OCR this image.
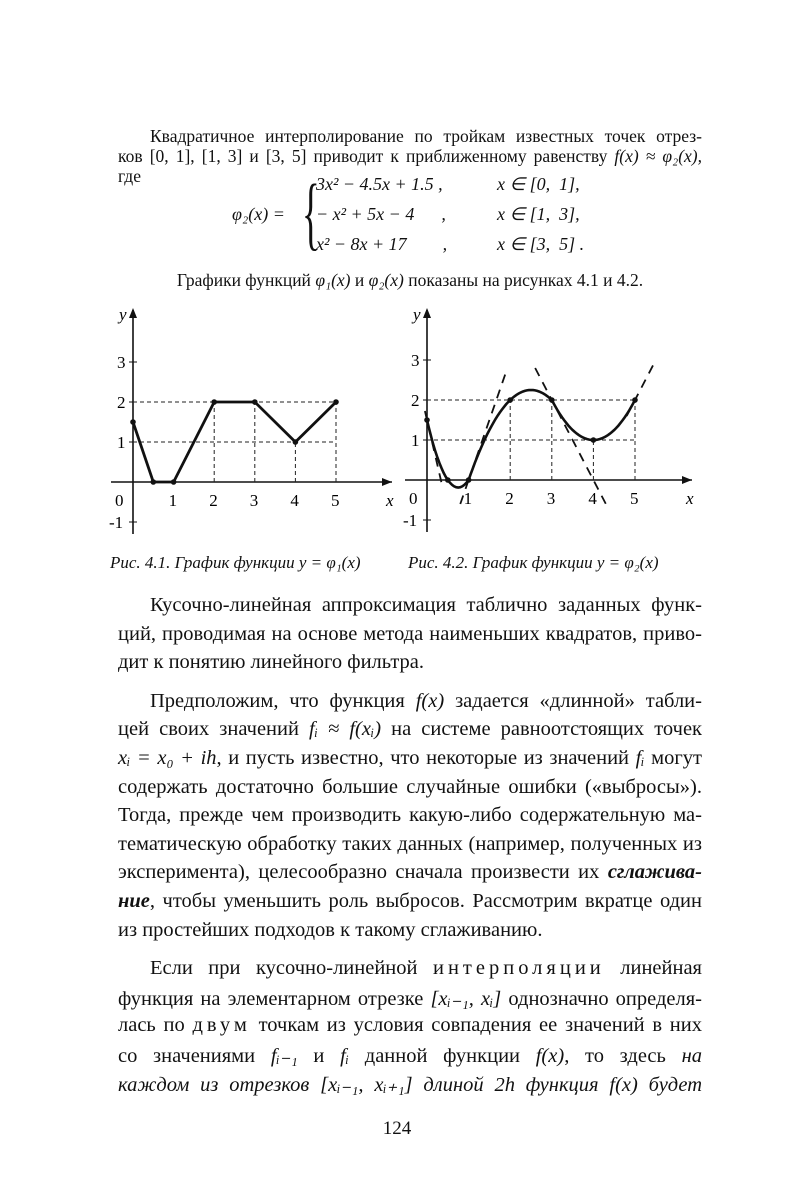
Квадратичное интерполирование по тройкам известных точек отрез-
ков [0, 1], [1, 3] и [3, 5] приводит к приближенному равенству f(x) ≈ φ₂(x),
где
φ₂(x) = {
3x² − 4.5x + 1.5 ,	x ∈ [0,  1],
− x² + 5x − 4      ,	x ∈ [1,  3],
x² − 8x + 17        ,	x ∈ [3,  5] .
Графики функций φ₁(x) и φ₂(x) показаны на рисунках 4.1 и 4.2.
y
x
0	1 2 3 4 5
-1
1
2
3
y
x
0	1 2 3 4 5
-1
1
2
3
Рис. 4.1. График функции y = φ₁(x)	Рис. 4.2. График функции y = φ₂(x)
Кусочно-линейная аппроксимация таблично заданных функ-
ций, проводимая на основе метода наименьших квадратов, приво-
дит к понятию линейного фильтра.
Предположим, что функция f(x) задается «длинной» табли-
цей своих значений fᵢ ≈ f(xᵢ) на системе равноотстоящих точек
xᵢ = x₀ + ih, и пусть известно, что некоторые из значений fᵢ могут
содержать достаточно большие случайные ошибки («выбросы»).
Тогда, прежде чем производить какую-либо содержательную ма-
тематическую обработку таких данных (например, полученных из
эксперимента), целесообразно сначала произвести их сглажива-
ние, чтобы уменьшить роль выбросов. Рассмотрим вкратце один
из простейших подходов к такому сглаживанию.
Если при кусочно-линейной интерполяции линейная
функция на элементарном отрезке [xᵢ₋₁, xᵢ] однозначно определя-
лась по двум точкам из условия совпадения ее значений в них
со значениями fᵢ₋₁ и fᵢ данной функции f(x), то здесь на
каждом из отрезков [xᵢ₋₁, xᵢ₊₁] длиной 2h функция f(x) будет
124
